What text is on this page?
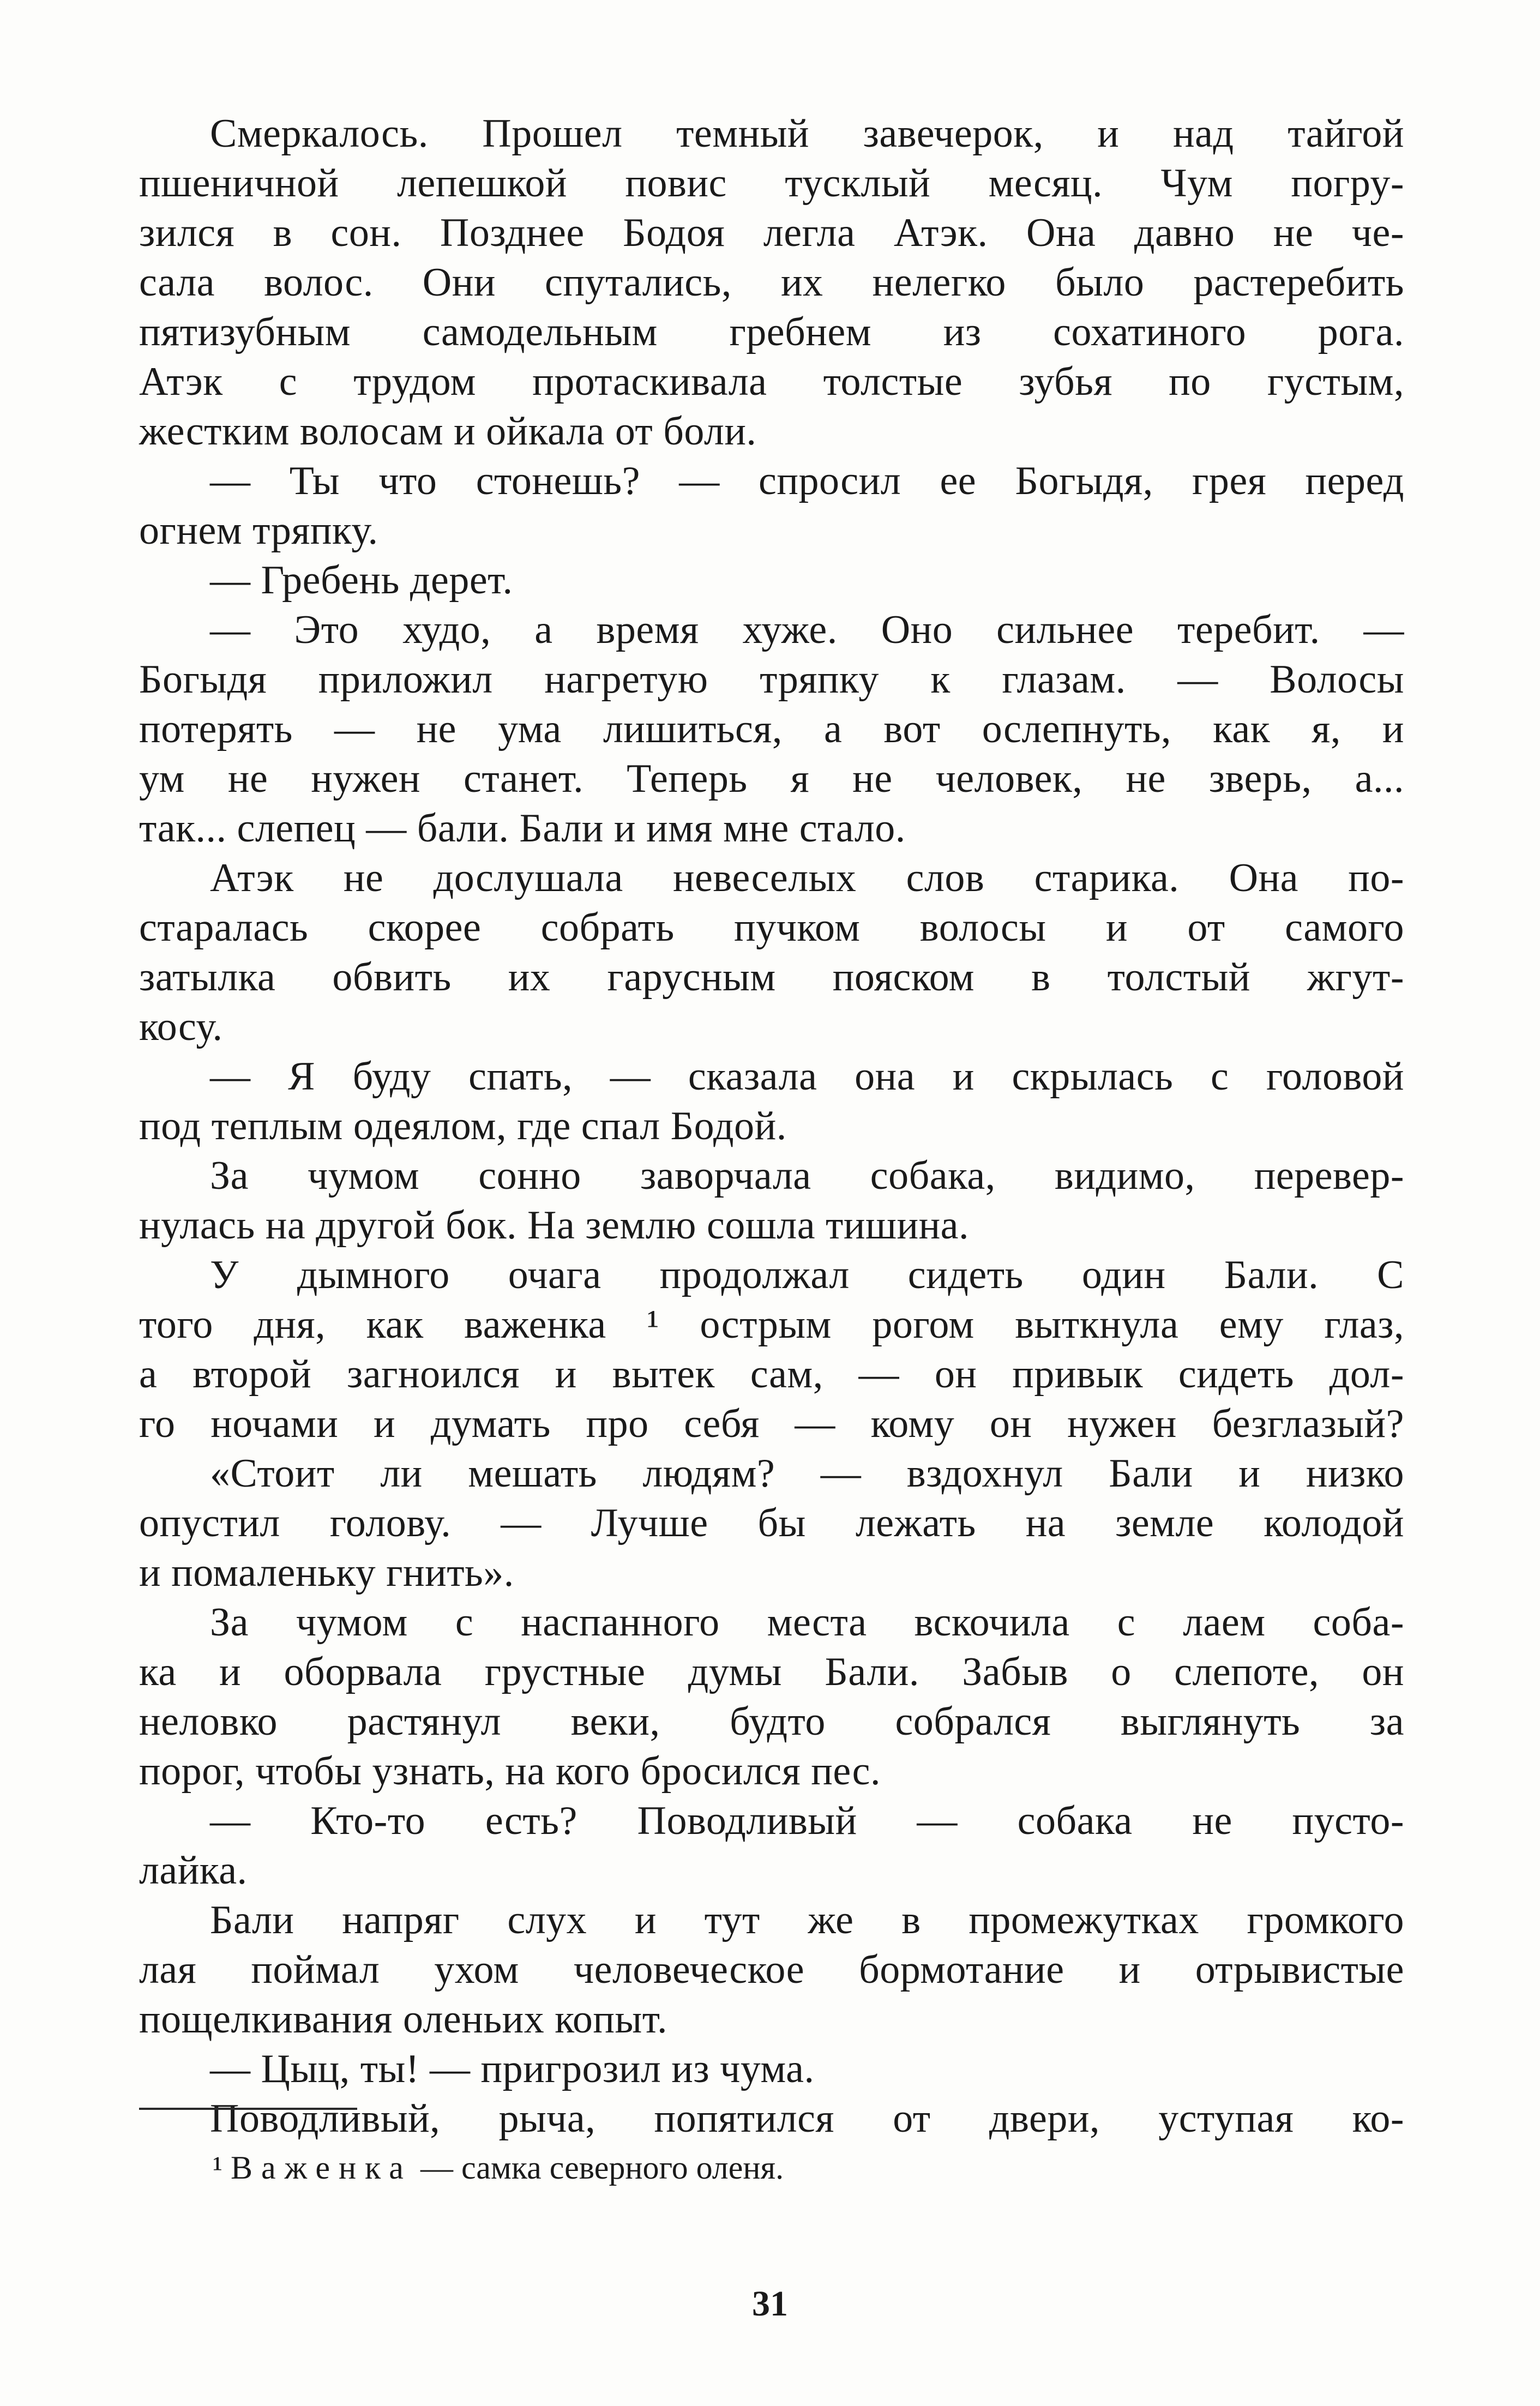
Смеркалось. Прошел темный завечерок, и над тайгой
пшеничной лепешкой повис тусклый месяц. Чум погру-
зился в сон. Позднее Бодоя легла Атэк. Она давно не че-
сала волос. Они спутались, их нелегко было растеребить
пятизубным самодельным гребнем из сохатиного рога.
Атэк с трудом протаскивала толстые зубья по густым,
жестким волосам и ойкала от боли.
— Ты что стонешь? — спросил ее Богыдя, грея перед
огнем тряпку.
— Гребень дерет.
— Это худо, а время хуже. Оно сильнее теребит. —
Богыдя приложил нагретую тряпку к глазам. — Волосы
потерять — не ума лишиться, а вот ослепнуть, как я, и
ум не нужен станет. Теперь я не человек, не зверь, а...
так... слепец — бали. Бали и имя мне стало.
Атэк не дослушала невеселых слов старика. Она по-
старалась скорее собрать пучком волосы и от самого
затылка обвить их гарусным пояском в толстый жгут-
косу.
— Я буду спать, — сказала она и скрылась с головой
под теплым одеялом, где спал Бодой.
За чумом сонно заворчала собака, видимо, перевер-
нулась на другой бок. На землю сошла тишина.
У дымного очага продолжал сидеть один Бали. С
того дня, как важенка ¹ острым рогом выткнула ему глаз,
а второй загноился и вытек сам, — он привык сидеть дол-
го ночами и думать про себя — кому он нужен безглазый?
«Стоит ли мешать людям? — вздохнул Бали и низко
опустил голову. — Лучше бы лежать на земле колодой
и помаленьку гнить».
За чумом с наспанного места вскочила с лаем соба-
ка и оборвала грустные думы Бали. Забыв о слепоте, он
неловко растянул веки, будто собрался выглянуть за
порог, чтобы узнать, на кого бросился пес.
— Кто-то есть? Поводливый — собака не пусто-
лайка.
Бали напряг слух и тут же в промежутках громкого
лая поймал ухом человеческое бормотание и отрывистые
пощелкивания оленьих копыт.
— Цыц, ты! — пригрозил из чума.
Поводливый, рыча, попятился от двери, уступая ко-
¹ Важенка — самка северного оленя.
31
